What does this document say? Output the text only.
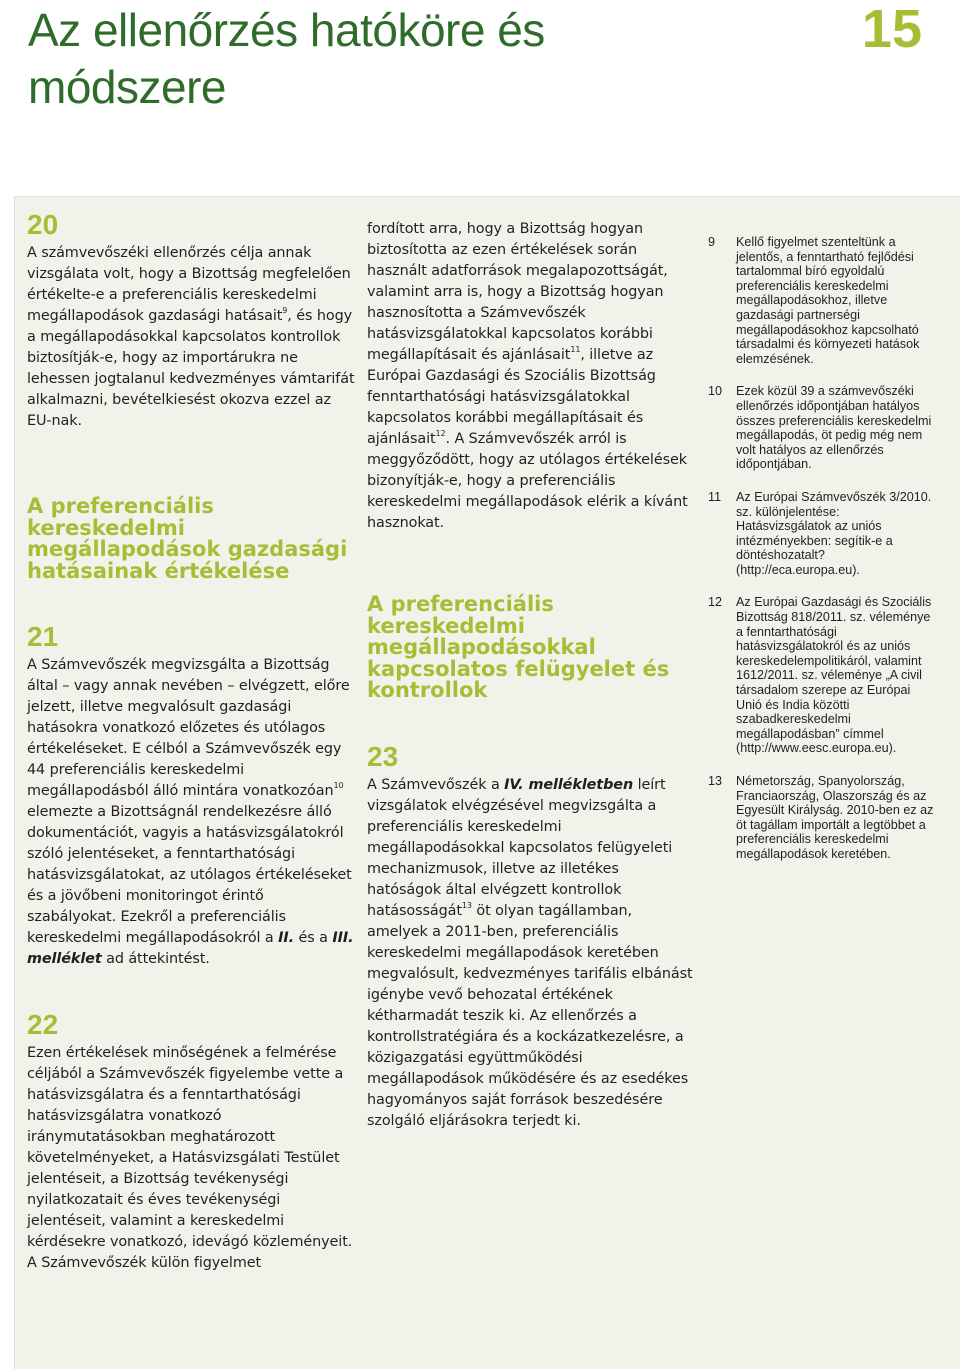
Az ellenőrzés hatóköre és
módszere
15
20

A számvevőszéki ellenőrzés célja annak vizsgálata volt, hogy a Bizottság megfelelően értékelte-e a preferenciális kereskedelmi megállapodások gazdasági hatásait$^9$, és hogy a megállapodásokkal kapcsolatos kontrollok biztosítják-e, hogy az importárukra ne lehessen jogtalanul kedvezményes vámtarifát alkalmazni, bevételkiesést okozva ezzel az EU-nak.

A preferenciális kereskedelmi megállapodások gazdasági hatásainak értékelése
21

A Számvevőszék megvizsgálta a Bizottság által – vagy annak nevében – elvégzett, előre jelzett, illetve megvalósult gazdasági hatásokra vonatkozó előzetes és utólagos értékeléseket. E célból a Számvevőszék egy 44 preferenciális kereskedelmi megállapodásból álló mintára vonatkozóan$^{10}$ elemezte a Bizottságnál rendelkezésre álló dokumentációt, vagyis a hatásvizsgálatokról szóló jelentéseket, a fenntarthatósági hatásvizsgálatokat, az utólagos értékeléseket és a jövőbeni monitoringot érintő szabályokat. Ezekről a preferenciális kereskedelmi megállapodásokról a II. és a III. melléklet ad áttekintést.

22

Ezen értékelések minőségének a felmérése céljából a Számvevőszék figyelembe vette a hatásvizsgálatra és a fenntarthatósági hatásvizsgálatra vonatkozó iránymutatásokban meghatározott követelményeket, a Hatásvizsgálati Testület jelentéseit, a Bizottság tevékenységi nyilatkozatait és éves tevékenységi jelentéseit, valamint a kereskedelmi kérdésekre vonatkozó, idevágó közleményeit. A Számvevőszék külön figyelmet

fordított arra, hogy a Bizottság hogyan biztosította az ezen értékelések során használt adatforrások megalapozottságát, valamint arra is, hogy a Bizottság hogyan hasznosította a Számvevőszék hatásvizsgálatokkal kapcsolatos korábbi megállapításait és ajánlásait$^{11}$, illetve az Európai Gazdasági és Szociális Bizottság fenntarthatósági hatásvizsgálatokkal kapcsolatos korábbi megállapításait és ajánlásait$^{12}$. A Számvevőszék arról is meggyőződött, hogy az utólagos értékelések bizonyítják-e, hogy a preferenciális kereskedelmi megállapodások elérik a kívánt hasznokat.

A preferenciális kereskedelmi megállapodásokkal kapcsolatos felügyelet és kontrollok
23

A Számvevőszék a IV. mellékletben leírt vizsgálatok elvégzésével megvizsgálta a preferenciális kereskedelmi megállapodásokkal kapcsolatos felügyeleti mechanizmusok, illetve az illetékes hatóságok által elvégzett kontrollok hatásosságát$^{13}$ öt olyan tagállamban, amelyek a 2011-ben, preferenciális kereskedelmi megállapodások keretében megvalósult, kedvezményes tarifális elbánást igénybe vevő behozatal értékének kétharmadát teszik ki. Az ellenőrzés a kontrollstratégiára és a kockázatkezelésre, a közigazgatási együttműködési megállapodások működésére és az esedékes hagyományos saját források beszedésére szolgáló eljárásokra terjedt ki.

9	Kellő figyelmet szenteltünk a jelentős, a fenntartható fejlődési tartalommal bíró egyoldalú preferenciális kereskedelmi megállapodásokhoz, illetve gazdasági partnerségi megállapodásokhoz kapcsolható társadalmi és környezeti hatások elemzésének.
10	Ezek közül 39 a számvevőszéki ellenőrzés időpontjában hatályos összes preferenciális kereskedelmi megállapodás, öt pedig még nem volt hatályos az ellenőrzés időpontjában.
11	Az Európai Számvevőszék 3/2010. sz. különjelentése: Hatásvizsgálatok az uniós intézményekben: segítik-e a döntéshozatalt? (http://eca.europa.eu).
12	Az Európai Gazdasági és Szociális Bizottság 818/2011. sz. véleménye a fenntarthatósági hatásvizsgálatokról és az uniós kereskedelempolitikáról, valamint 1612/2011. sz. véleménye „A civil társadalom szerepe az Európai Unió és India közötti szabadkereskedelmi megállapodásban” címmel (http://www.eesc.europa.eu).
13	Németország, Spanyolország, Franciaország, Olaszország és az Egyesült Királyság. 2010-ben ez az öt tagállam importált a legtöbbet a preferenciális kereskedelmi megállapodások keretében.
